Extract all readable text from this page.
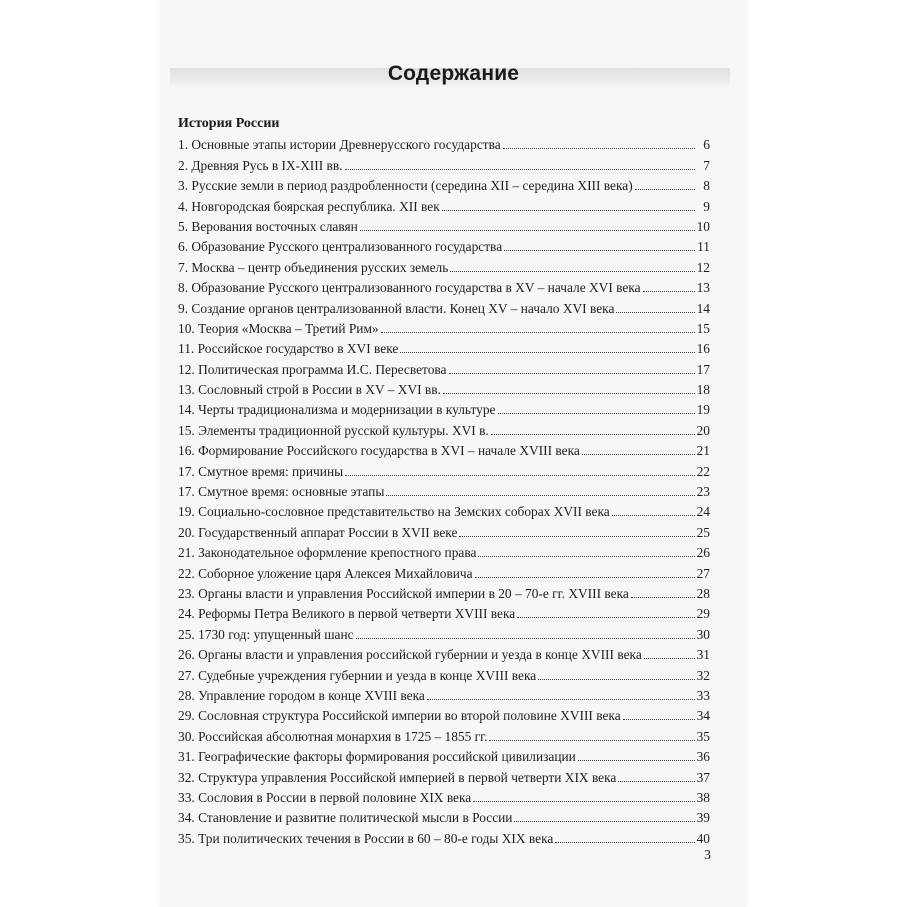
Содержание
История России
1. Основные этапы истории Древнерусского государства	6
2. Древняя Русь в IX-XIII вв.	7
3. Русские земли в период раздробленности (середина XII – середина XIII века)	8
4. Новгородская боярская республика. XII век	9
5. Верования восточных славян	10
6. Образование Русского централизованного государства	11
7. Москва – центр объединения русских земель	12
8. Образование Русского централизованного государства в XV – начале XVI века	13
9. Создание органов централизованной власти. Конец XV – начало XVI века	14
10. Теория «Москва – Третий Рим»	15
11. Российское государство в XVI веке	16
12. Политическая программа И.С. Пересветова	17
13. Сословный строй в России в XV – XVI вв.	18
14. Черты традиционализма и модернизации в культуре	19
15. Элементы традиционной русской культуры. XVI в.	20
16. Формирование Российского государства в XVI – начале XVIII века	21
17. Смутное время: причины	22
17. Смутное время: основные этапы	23
19. Социально-сословное представительство на Земских соборах XVII века	24
20. Государственный аппарат России в XVII веке	25
21. Законодательное оформление крепостного права	26
22. Соборное уложение царя Алексея Михайловича	27
23. Органы власти и управления Российской империи в 20 – 70-е гг. XVIII века	28
24. Реформы Петра Великого в первой четверти XVIII века	29
25. 1730 год: упущенный шанс	30
26. Органы власти и управления российской губернии и уезда в конце XVIII века	31
27. Судебные учреждения губернии и уезда в конце XVIII века	32
28. Управление городом в конце XVIII века	33
29. Сословная структура Российской империи во второй половине XVIII века	34
30. Российская абсолютная монархия в 1725 – 1855 гг.	35
31. Географические факторы формирования российской цивилизации	36
32. Структура управления Российской империей в первой четверти XIX века	37
33. Сословия в России в первой половине XIX века	38
34. Становление и развитие политической мысли в России	39
35. Три политических течения в России в 60 – 80-е годы XIX века	40
3
